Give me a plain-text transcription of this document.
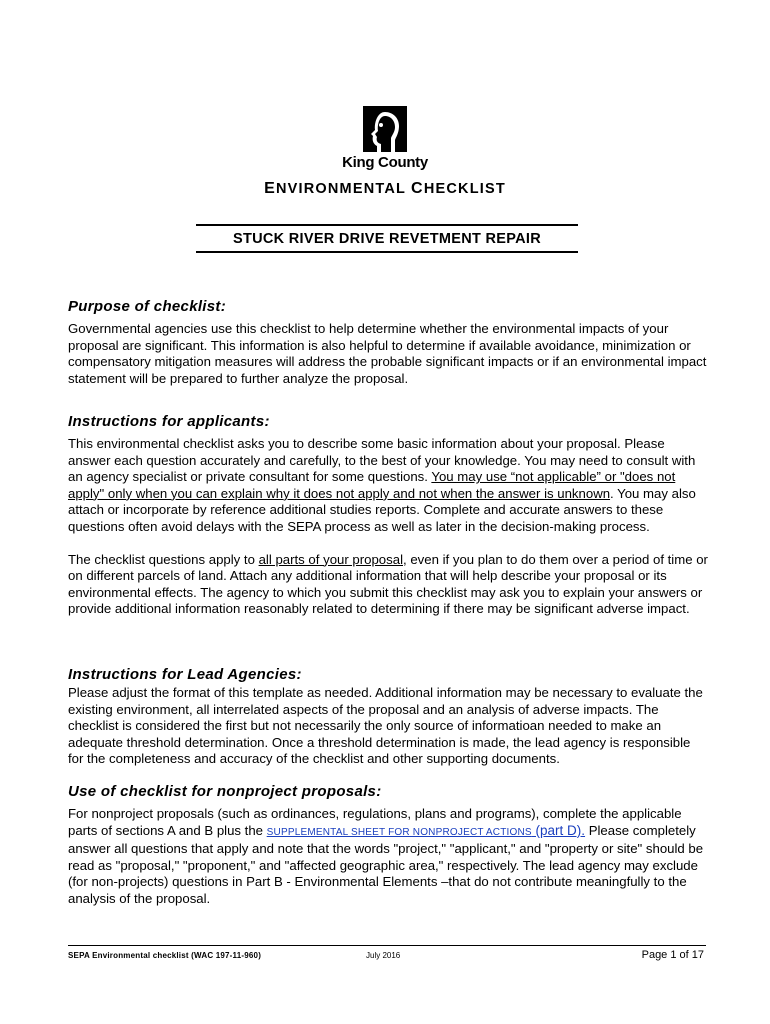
King County
ENVIRONMENTAL CHECKLIST
STUCK RIVER DRIVE REVETMENT REPAIR
Purpose of checklist:

Governmental agencies use this checklist to help determine whether the environmental impacts of your proposal are significant. This information is also helpful to determine if available avoidance, minimization or compensatory mitigation measures will address the probable significant impacts or if an environmental impact statement will be prepared to further analyze the proposal.

Instructions for applicants:

This environmental checklist asks you to describe some basic information about your proposal. Please answer each question accurately and carefully, to the best of your knowledge. You may need to consult with an agency specialist or private consultant for some questions. You may use “not applicable” or "does not apply" only when you can explain why it does not apply and not when the answer is unknown. You may also attach or incorporate by reference additional studies reports. Complete and accurate answers to these questions often avoid delays with the SEPA process as well as later in the decision-making process.

The checklist questions apply to all parts of your proposal, even if you plan to do them over a period of time or on different parcels of land. Attach any additional information that will help describe your proposal or its environmental effects. The agency to which you submit this checklist may ask you to explain your answers or provide additional information reasonably related to determining if there may be significant adverse impact.

Instructions for Lead Agencies:

Please adjust the format of this template as needed. Additional information may be necessary to evaluate the existing environment, all interrelated aspects of the proposal and an analysis of adverse impacts. The checklist is considered the first but not necessarily the only source of informatioan needed to make an adequate threshold determination. Once a threshold determination is made, the lead agency is responsible for the completeness and accuracy of the checklist and other supporting documents.

Use of checklist for nonproject proposals:

For nonproject proposals (such as ordinances, regulations, plans and programs), complete the applicable parts of sections A and B plus the SUPPLEMENTAL SHEET FOR NONPROJECT ACTIONS (part D). Please completely answer all questions that apply and note that the words "project," "applicant," and "property or site" should be read as "proposal," "proponent," and "affected geographic area," respectively. The lead agency may exclude (for non-projects) questions in Part B - Environmental Elements –that do not contribute meaningfully to the analysis of the proposal.

SEPA Environmental checklist (WAC 197-11-960)	July 2016	Page 1 of 17
